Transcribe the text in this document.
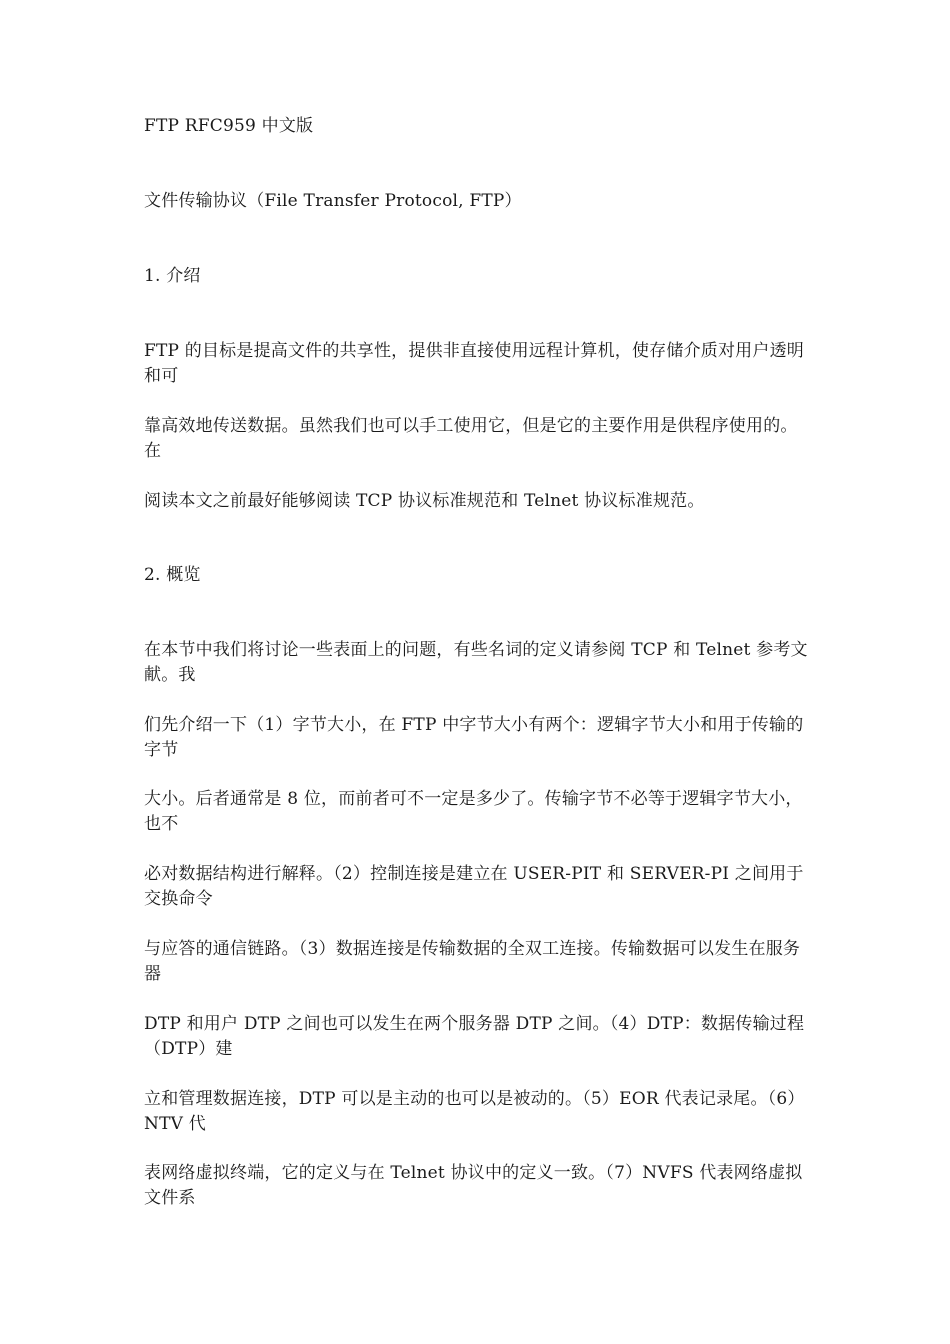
FTP RFC959 中文版
文件传输协议（File Transfer Protocol, FTP）
1. 介绍
FTP 的目标是提高文件的共享性，提供非直接使用远程计算机，使存储介质对用户透明和可
靠高效地传送数据。虽然我们也可以手工使用它，但是它的主要作用是供程序使用的。在
阅读本文之前最好能够阅读 TCP 协议标准规范和 Telnet 协议标准规范。
2. 概览
在本节中我们将讨论一些表面上的问题，有些名词的定义请参阅 TCP 和 Telnet 参考文献。我
们先介绍一下（1）字节大小，在 FTP 中字节大小有两个：逻辑字节大小和用于传输的字节
大小。后者通常是 8 位，而前者可不一定是多少了。传输字节不必等于逻辑字节大小，也不
必对数据结构进行解释。（2）控制连接是建立在 USER-PIT 和 SERVER-PI 之间用于交换命令
与应答的通信链路。（3）数据连接是传输数据的全双工连接。传输数据可以发生在服务器
DTP 和用户 DTP 之间也可以发生在两个服务器 DTP 之间。（4）DTP：数据传输过程（DTP）建
立和管理数据连接，DTP 可以是主动的也可以是被动的。（5）EOR 代表记录尾。（6）NTV 代
表网络虚拟终端，它的定义与在 Telnet 协议中的定义一致。（7）NVFS 代表网络虚拟文件系
